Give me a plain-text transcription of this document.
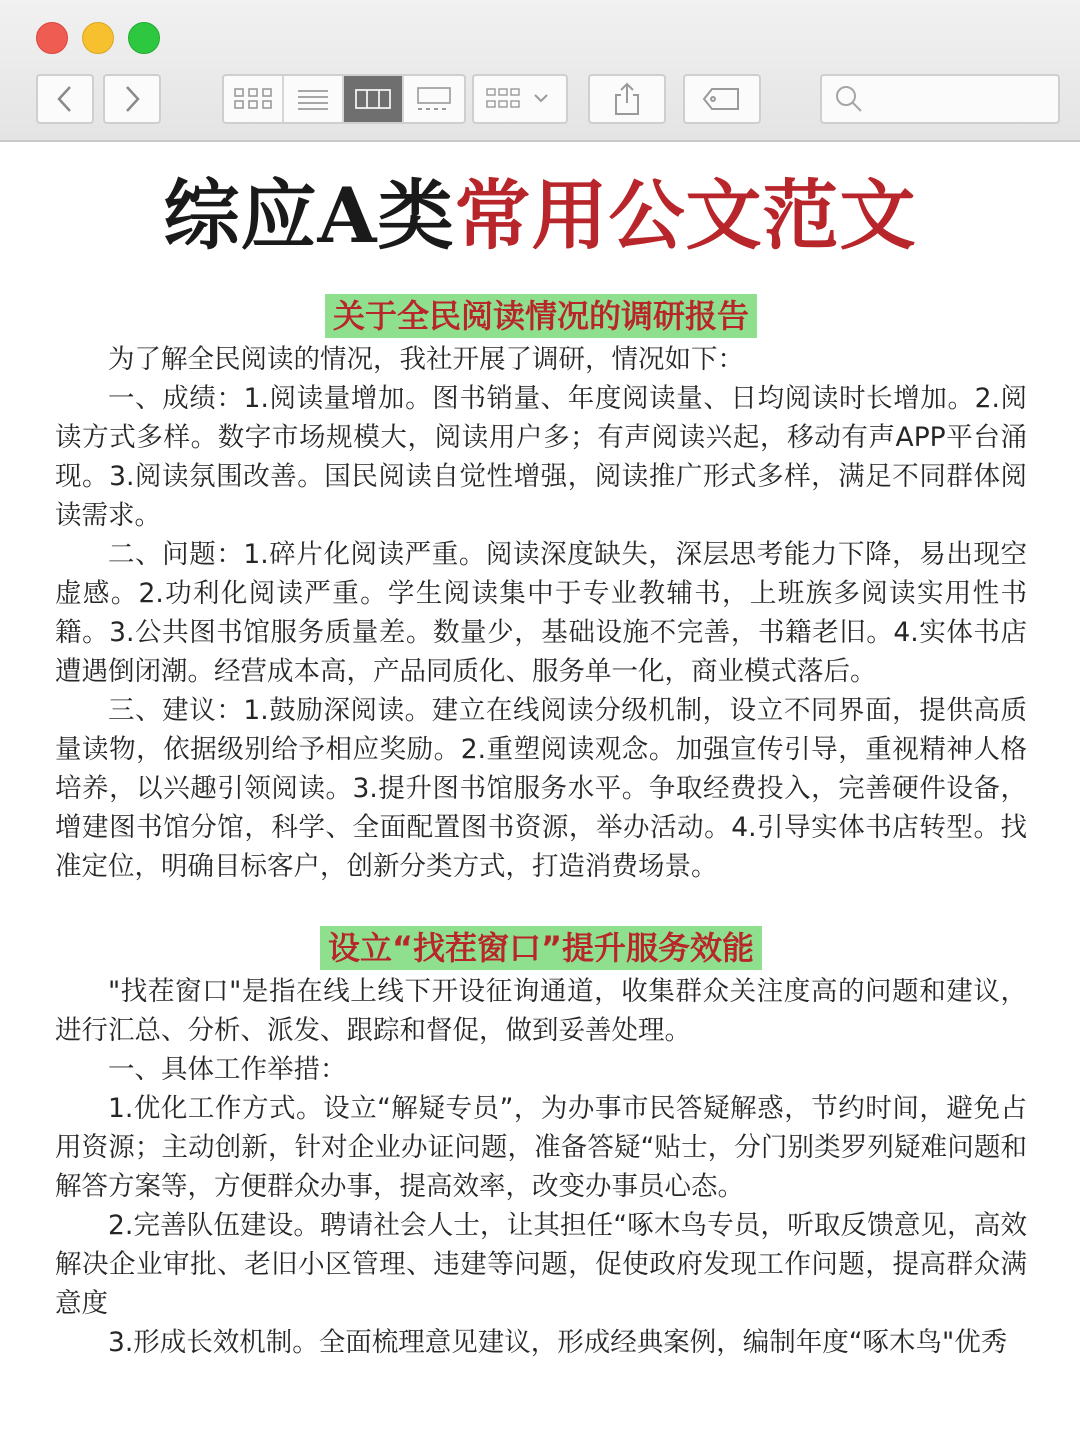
综应A类常用公文范文
关于全民阅读情况的调研报告

为了解全民阅读的情况，我社开展了调研，情况如下：

一、成绩：1.阅读量增加。图书销量、年度阅读量、日均阅读时长增加。2.阅读方式多样。数字市场规模大，阅读用户多；有声阅读兴起，移动有声APP平台涌现。3.阅读氛围改善。国民阅读自觉性增强，阅读推广形式多样，满足不同群体阅读需求。

二、问题：1.碎片化阅读严重。阅读深度缺失，深层思考能力下降，易出现空虚感。2.功利化阅读严重。学生阅读集中于专业教辅书，上班族多阅读实用性书籍。3.公共图书馆服务质量差。数量少，基础设施不完善，书籍老旧。4.实体书店遭遇倒闭潮。经营成本高，产品同质化、服务单一化，商业模式落后。

三、建议：1.鼓励深阅读。建立在线阅读分级机制，设立不同界面，提供高质量读物，依据级别给予相应奖励。2.重塑阅读观念。加强宣传引导，重视精神人格培养，以兴趣引领阅读。3.提升图书馆服务水平。争取经费投入，完善硬件设备，增建图书馆分馆，科学、全面配置图书资源，举办活动。4.引导实体书店转型。找准定位，明确目标客户，创新分类方式，打造消费场景。

设立“找茬窗口”提升服务效能

"找茬窗口"是指在线上线下开设征询通道，收集群众关注度高的问题和建议，进行汇总、分析、派发、跟踪和督促，做到妥善处理。

一、具体工作举措：

1.优化工作方式。设立“解疑专员”，为办事市民答疑解惑，节约时间，避免占用资源；主动创新，针对企业办证问题，准备答疑“贴士，分门别类罗列疑难问题和解答方案等，方便群众办事，提高效率，改变办事员心态。

2.完善队伍建设。聘请社会人士，让其担任“啄木鸟专员，听取反馈意见，高效解决企业审批、老旧小区管理、违建等问题，促使政府发现工作问题，提高群众满意度

3.形成长效机制。全面梳理意见建议，形成经典案例，编制年度“啄木鸟"优秀
